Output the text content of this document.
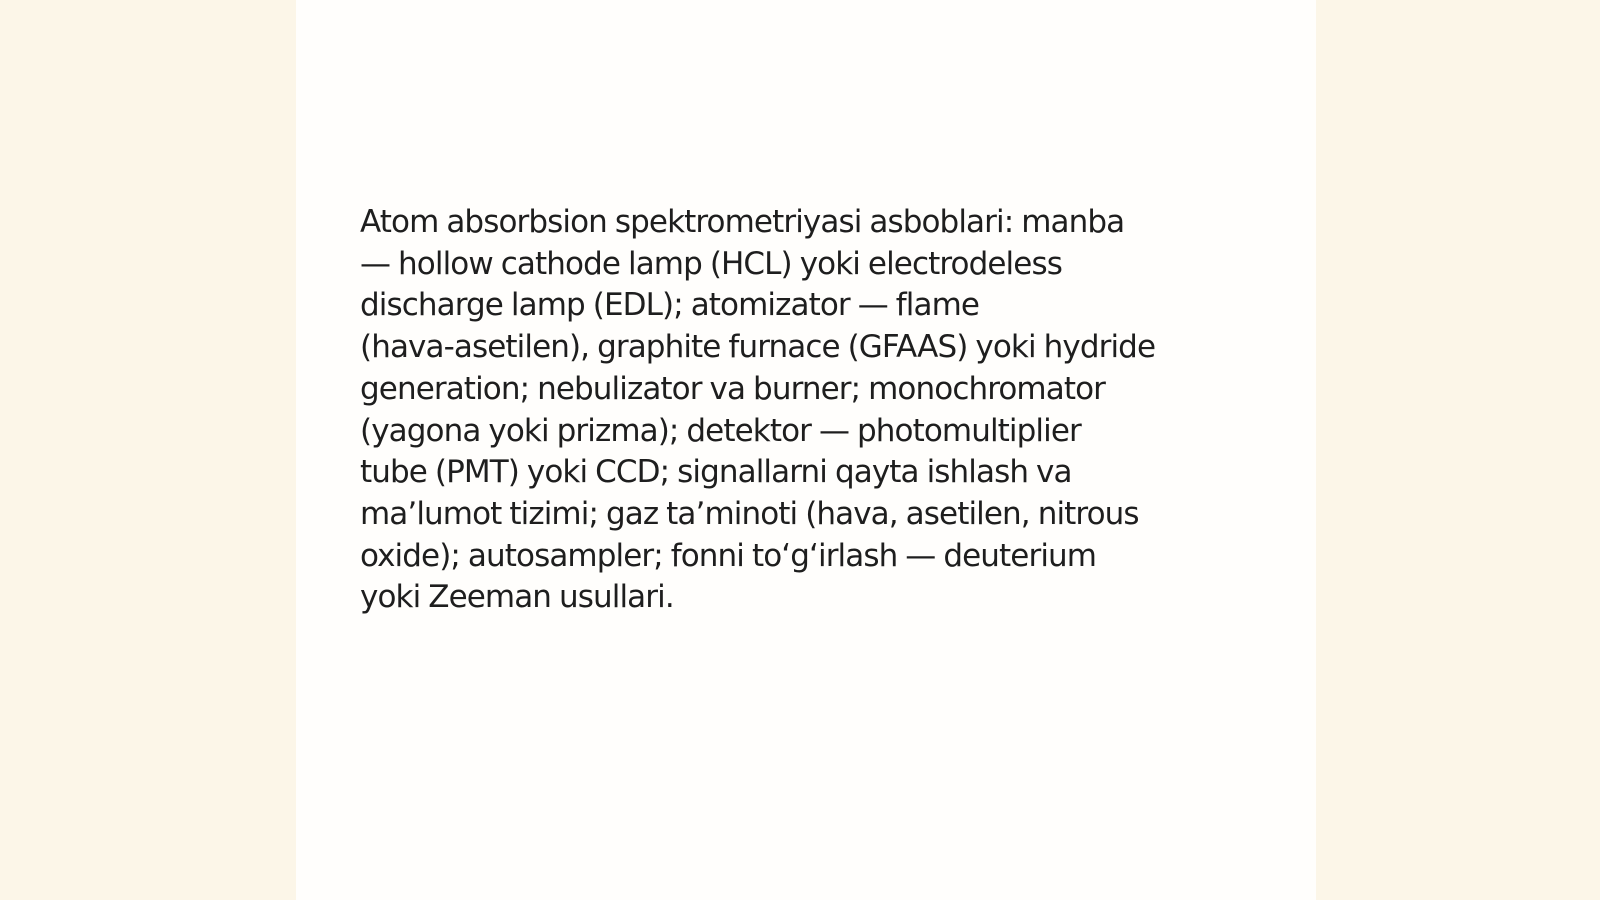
Atom absorbsion spektrometriyasi asboblari: manba
— hollow cathode lamp (HCL) yoki electrodeless
discharge lamp (EDL); atomizator — flame
(hava-asetilen), graphite furnace (GFAAS) yoki hydride
generation; nebulizator va burner; monochromator
(yagona yoki prizma); detektor — photomultiplier
tube (PMT) yoki CCD; signallarni qayta ishlash va
ma’lumot tizimi; gaz ta’minoti (hava, asetilen, nitrous
oxide); autosampler; fonni to‘g‘irlash — deuterium
yoki Zeeman usullari.
